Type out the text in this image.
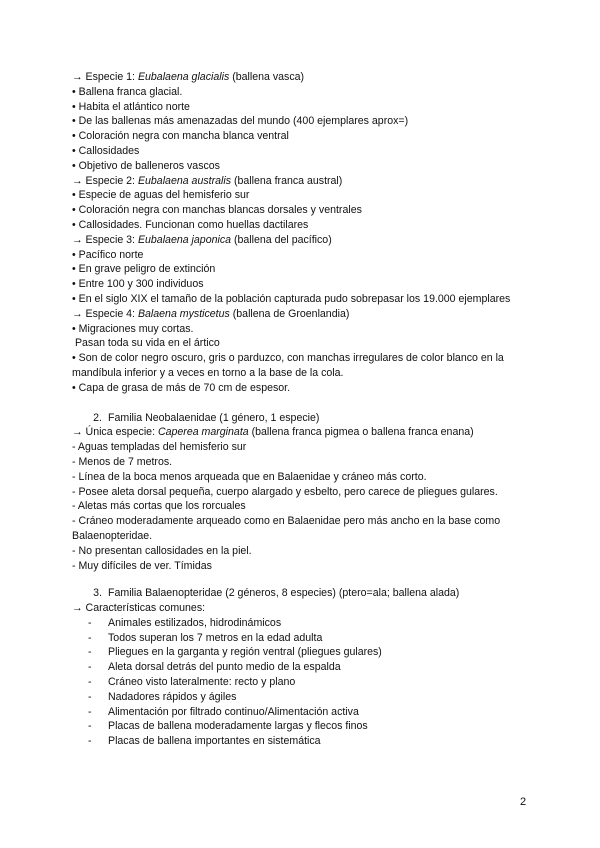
→ Especie 1: Eubalaena glacialis (ballena vasca)
• Ballena franca glacial.
• Habita el atlántico norte
• De las ballenas más amenazadas del mundo (400 ejemplares aprox=)
• Coloración negra con mancha blanca ventral
• Callosidades
• Objetivo de balleneros vascos
→ Especie 2: Eubalaena australis (ballena franca austral)
• Especie de aguas del hemisferio sur
• Coloración negra con manchas blancas dorsales y ventrales
• Callosidades. Funcionan como huellas dactilares
→ Especie 3: Eubalaena japonica (ballena del pacífico)
• Pacífico norte
• En grave peligro de extinción
• Entre 100 y 300 individuos
• En el siglo XIX el tamaño de la población capturada pudo sobrepasar los 19.000 ejemplares
→ Especie 4: Balaena mysticetus (ballena de Groenlandia)
• Migraciones muy cortas.
Pasan toda su vida en el ártico
• Son de color negro oscuro, gris o parduzco, con manchas irregulares de color blanco en la mandíbula inferior y a veces en torno a la base de la cola.
• Capa de grasa de más de 70 cm de espesor.
2. Familia Neobalaenidae (1 género, 1 especie)
→ Única especie: Caperea marginata (ballena franca pigmea o ballena franca enana)
- Aguas templadas del hemisferio sur
- Menos de 7 metros.
- Línea de la boca menos arqueada que en Balaenidae y cráneo más corto.
- Posee aleta dorsal pequeña, cuerpo alargado y esbelto, pero carece de pliegues gulares.
- Aletas más cortas que los rorcuales
- Cráneo moderadamente arqueado como en Balaenidae pero más ancho en la base como Balaenopteridae.
- No presentan callosidades en la piel.
- Muy difíciles de ver. Tímidas
3. Familia Balaenopteridae (2 géneros, 8 especies) (ptero=ala; ballena alada)
→ Características comunes:
- Animales estilizados, hidrodinámicos
- Todos superan los 7 metros en la edad adulta
- Pliegues en la garganta y región ventral (pliegues gulares)
- Aleta dorsal detrás del punto medio de la espalda
- Cráneo visto lateralmente: recto y plano
- Nadadores rápidos y ágiles
- Alimentación por filtrado continuo/Alimentación activa
- Placas de ballena moderadamente largas y flecos finos
- Placas de ballena importantes en sistemática
2
